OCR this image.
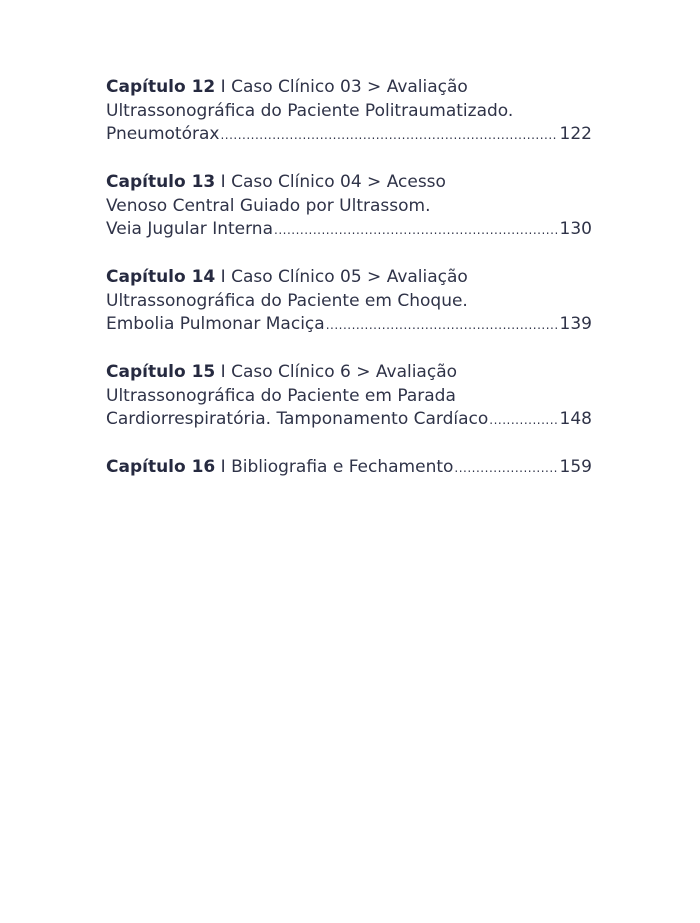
Capítulo 12 I Caso Clínico 03 > Avaliação
Ultrassonográfica do Paciente Politraumatizado.
Pneumotórax .....	122
Capítulo 13 I Caso Clínico 04 > Acesso
Venoso Central Guiado por Ultrassom.
Veia Jugular Interna .....	130
Capítulo 14 I Caso Clínico 05 > Avaliação
Ultrassonográfica do Paciente em Choque.
Embolia Pulmonar Maciça .....	139
Capítulo 15 I Caso Clínico 6 > Avaliação
Ultrassonográfica do Paciente em Parada
Cardiorrespiratória. Tamponamento Cardíaco .....	148
Capítulo 16 I Bibliografia e Fechamento .....	159
